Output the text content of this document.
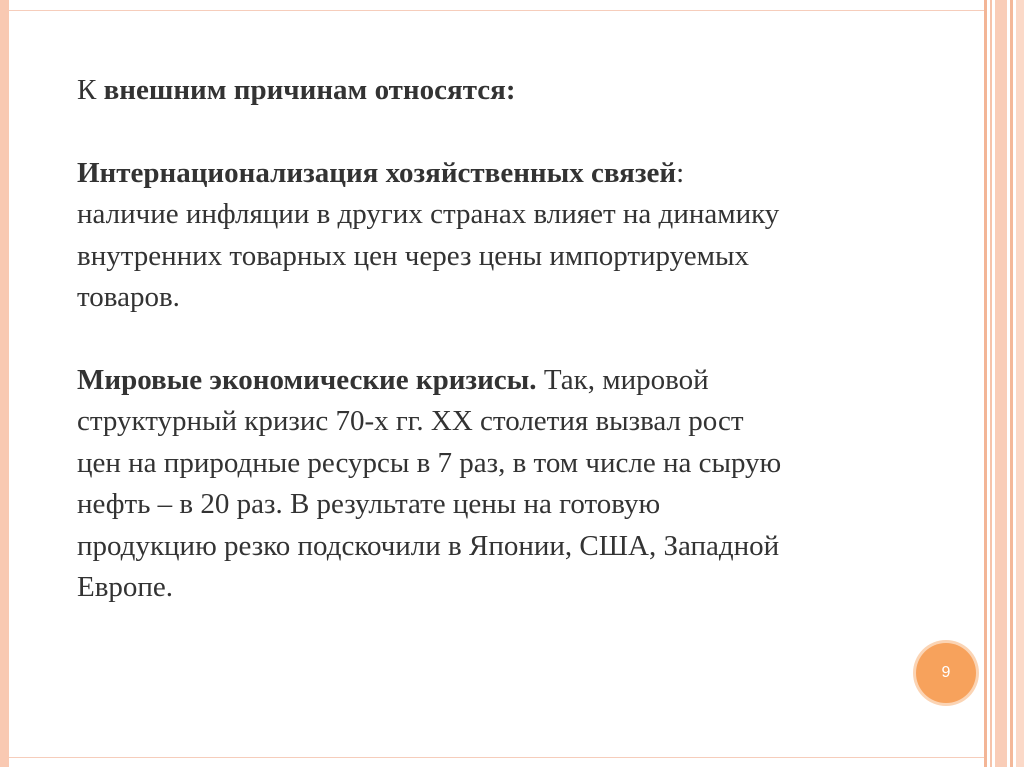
К внешним причинам относятся:

Интернационализация хозяйственных связей:

наличие инфляции в других странах влияет на динамику

внутренних товарных цен через цены импортируемых

товаров.

Мировые экономические кризисы. Так, мировой

структурный кризис 70-х гг. ХХ столетия вызвал рост

цен на природные ресурсы в 7 раз, в том числе на сырую

нефть – в 20 раз. В результате цены на готовую

продукцию резко подскочили в Японии, США, Западной

Европе.

9
